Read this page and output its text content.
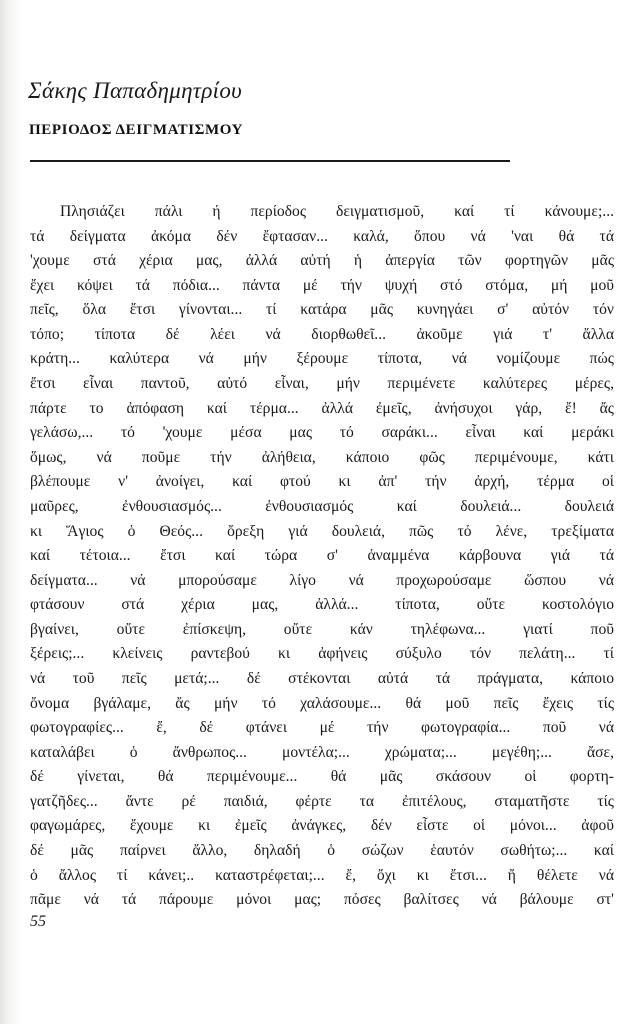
Σάκης Παπαδημητρίου
ΠΕΡΙΟΔΟΣ ΔΕΙΓΜΑΤΙΣΜΟΥ
Πλησιάζει πάλι ή περίοδος δειγματισμοῦ, καί τί κάνουμε;...
τά δείγματα ἀκόμα δέν ἔφτασαν... καλά, ὅπου νά 'ναι θά τά
'χουμε στά χέρια μας, ἀλλά αὐτή ἡ ἀπεργία τῶν φορτηγῶν μᾶς
ἔχει κόψει τά πόδια... πάντα μέ τήν ψυχή στό στόμα, μή μοῦ
πεῖς, ὅλα ἔτσι γίνονται... τί κατάρα μᾶς κυνηγάει σ' αὐτόν τόν
τόπο; τίποτα δέ λέει νά διορθωθεῖ... ἀκοῦμε γιά τ' ἄλλα
κράτη... καλύτερα νά μήν ξέρουμε τίποτα, νά νομίζουμε πώς
ἔτσι εἶναι παντοῦ, αὐτό εἶναι, μήν περιμένετε καλύτερες μέρες,
πάρτε το ἀπόφαση καί τέρμα... ἀλλά ἐμεῖς, ἀνήσυχοι γάρ, ἔ! ἄς
γελάσω,... τό 'χουμε μέσα μας τό σαράκι... εἶναι καί μεράκι
ὅμως, νά ποῦμε τήν ἀλήθεια, κάποιο φῶς περιμένουμε, κάτι
βλέπουμε ν' ἀνοίγει, καί φτού κι ἀπ' τήν ἀρχή, τέρμα οἱ
μαῦρες, ἐνθουσιασμός... ἐνθουσιασμός καί δουλειά... δουλειά
κι Ἅγιος ὁ Θεός... ὄρεξη γιά δουλειά, πῶς τό λένε, τρεξίματα
καί τέτοια... ἔτσι καί τώρα σ' ἀναμμένα κάρβουνα γιά τά
δείγματα... νά μπορούσαμε λίγο νά προχωρούσαμε ὥσπου νά
φτάσουν στά χέρια μας, ἀλλά... τίποτα, οὔτε κοστολόγιο
βγαίνει, οὔτε ἐπίσκεψη, οὔτε κάν τηλέφωνα... γιατί ποῦ
ξέρεις;... κλείνεις ραντεβού κι ἀφήνεις σύξυλο τόν πελάτη... τί
νά τοῦ πεῖς μετά;... δέ στέκονται αὐτά τά πράγματα, κάποιο
ὄνομα βγάλαμε, ἄς μήν τό χαλάσουμε... θά μοῦ πεῖς ἔχεις τίς
φωτογραφίες... ἔ, δέ φτάνει μέ τήν φωτογραφία... ποῦ νά
καταλάβει ὁ ἄνθρωπος... μοντέλα;... χρώματα;... μεγέθη;... ἄσε,
δέ γίνεται, θά περιμένουμε... θά μᾶς σκάσουν οἱ φορτη-
γατζῆδες... ἄντε ρέ παιδιά, φέρτε τα ἐπιτέλους, σταματῆστε τίς
φαγωμάρες, ἔχουμε κι ἐμεῖς ἀνάγκες, δέν εἶστε οἱ μόνοι... ἀφοῦ
δέ μᾶς παίρνει ἄλλο, δηλαδή ὁ σώζων ἑαυτόν σωθήτω;... καί
ὁ ἄλλος τί κάνει;.. καταστρέφεται;... ἔ, ὄχι κι ἔτσι... ἤ θέλετε νά
πᾶμε νά τά πάρουμε μόνοι μας; πόσες βαλίτσες νά βάλουμε στ'
55
